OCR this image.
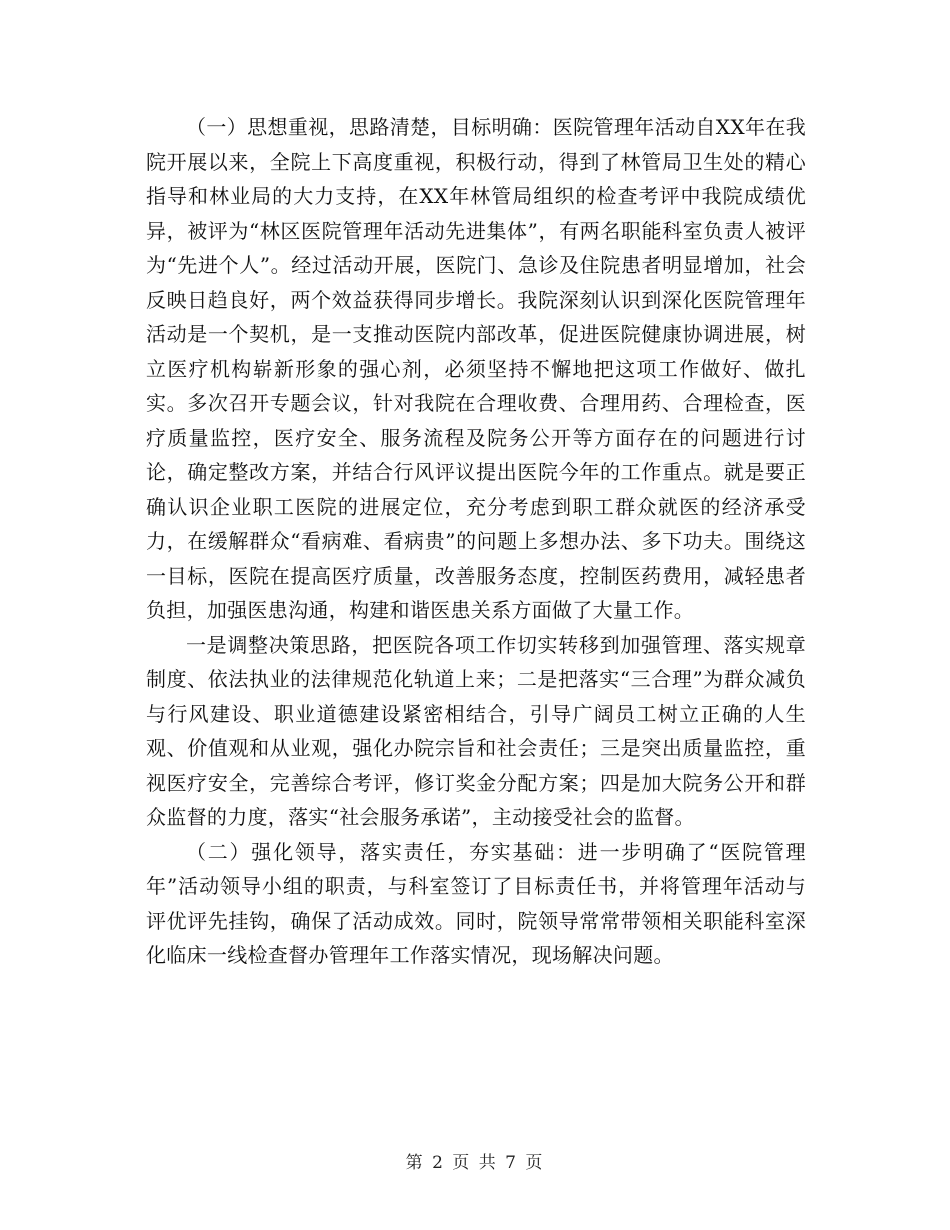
（一）思想重视，思路清楚，目标明确：医院管理年活动自XX年在我院开展以来，全院上下高度重视，积极行动，得到了林管局卫生处的精心指导和林业局的大力支持，在XX年林管局组织的检查考评中我院成绩优异，被评为“林区医院管理年活动先进集体”，有两名职能科室负责人被评为“先进个人”。经过活动开展，医院门、急诊及住院患者明显增加，社会反映日趋良好，两个效益获得同步增长。我院深刻认识到深化医院管理年活动是一个契机，是一支推动医院内部改革，促进医院健康协调进展，树立医疗机构崭新形象的强心剂，必须坚持不懈地把这项工作做好、做扎实。多次召开专题会议，针对我院在合理收费、合理用药、合理检查，医疗质量监控，医疗安全、服务流程及院务公开等方面存在的问题进行讨论，确定整改方案，并结合行风评议提出医院今年的工作重点。就是要正确认识企业职工医院的进展定位，充分考虑到职工群众就医的经济承受力，在缓解群众“看病难、看病贵”的问题上多想办法、多下功夫。围绕这一目标，医院在提高医疗质量，改善服务态度，控制医药费用，减轻患者负担，加强医患沟通，构建和谐医患关系方面做了大量工作。

一是调整决策思路，把医院各项工作切实转移到加强管理、落实规章制度、依法执业的法律规范化轨道上来；二是把落实“三合理”为群众减负与行风建设、职业道德建设紧密相结合，引导广阔员工树立正确的人生观、价值观和从业观，强化办院宗旨和社会责任；三是突出质量监控，重视医疗安全，完善综合考评，修订奖金分配方案；四是加大院务公开和群众监督的力度，落实“社会服务承诺”，主动接受社会的监督。

（二）强化领导，落实责任，夯实基础：进一步明确了“医院管理年”活动领导小组的职责，与科室签订了目标责任书，并将管理年活动与评优评先挂钩，确保了活动成效。同时，院领导常常带领相关职能科室深化临床一线检查督办管理年工作落实情况，现场解决问题。

第 2 页 共 7 页
